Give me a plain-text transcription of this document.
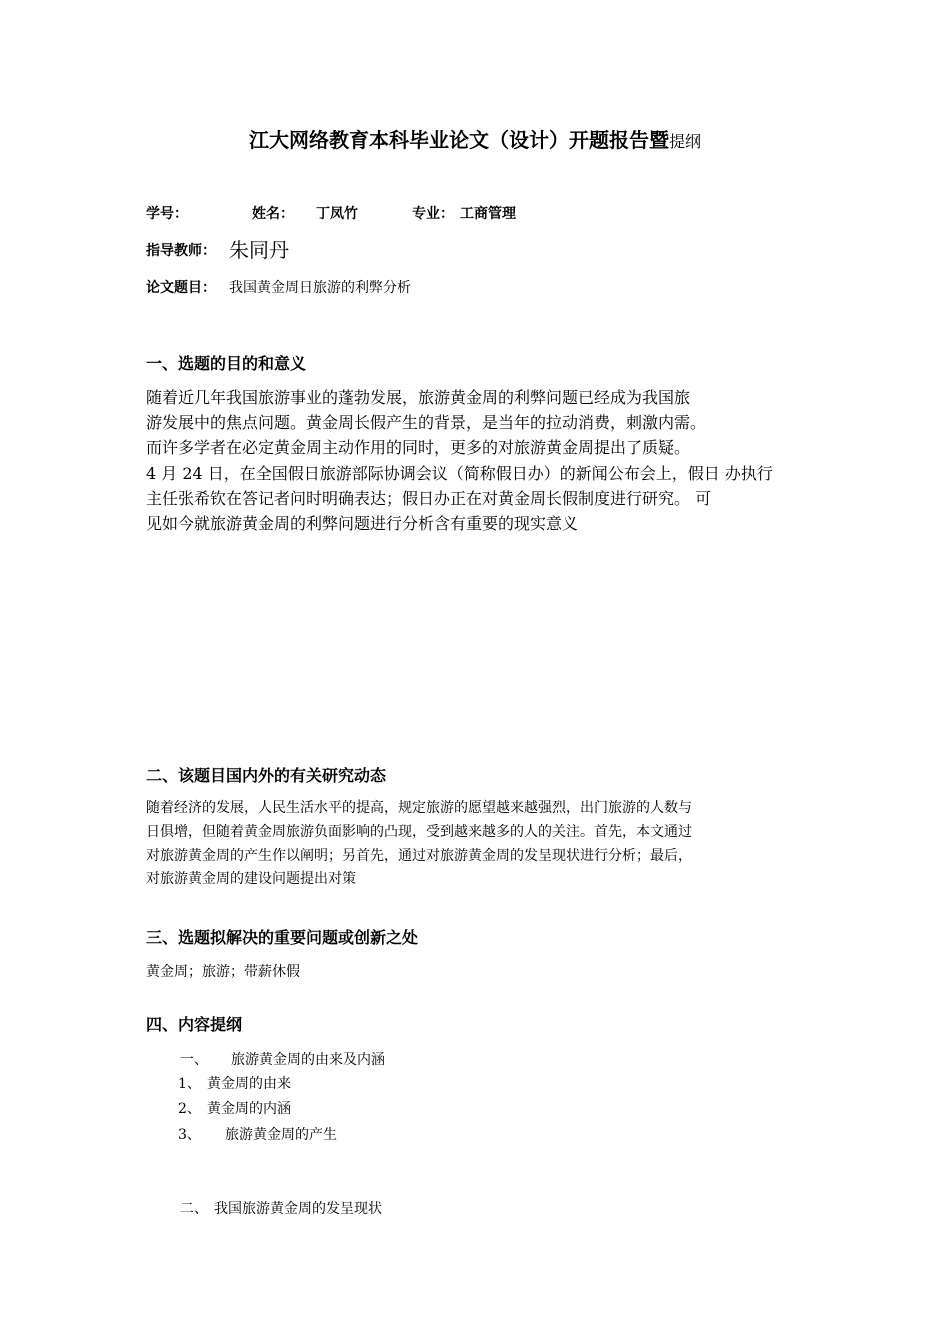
江大网络教育本科毕业论文（设计）开题报告暨提纲
学号：	姓名： 丁凤竹	专业： 工商管理
指导教师： 朱同丹
论文题目： 我国黄金周日旅游的利弊分析
一、选题的目的和意义
随着近几年我国旅游事业的蓬勃发展，旅游黄金周的利弊问题已经成为我国旅
游发展中的焦点问题。黄金周长假产生的背景，是当年的拉动消费，刺激内需。
而许多学者在必定黄金周主动作用的同时，更多的对旅游黄金周提出了质疑。
4 月 24 日，在全国假日旅游部际协调会议（简称假日办）的新闻公布会上，假日 办执行
主任张希钦在答记者问时明确表达；假日办正在对黄金周长假制度进行研究。 可
见如今就旅游黄金周的利弊问题进行分析含有重要的现实意义
二、该题目国内外的有关研究动态
随着经济的发展，人民生活水平的提高，规定旅游的愿望越来越强烈，出门旅游的人数与
日俱增，但随着黄金周旅游负面影响的凸现，受到越来越多的人的关注。首先，本文通过
对旅游黄金周的产生作以阐明；另首先，通过对旅游黄金周的发呈现状进行分析；最后，
对旅游黄金周的建设问题提出对策
三、选题拟解决的重要问题或创新之处
黄金周；旅游；带薪休假
四、内容提纲
一、 旅游黄金周的由来及内涵
1、 黄金周的由来
2、 黄金周的内涵
3、 旅游黄金周的产生
二、 我国旅游黄金周的发呈现状
